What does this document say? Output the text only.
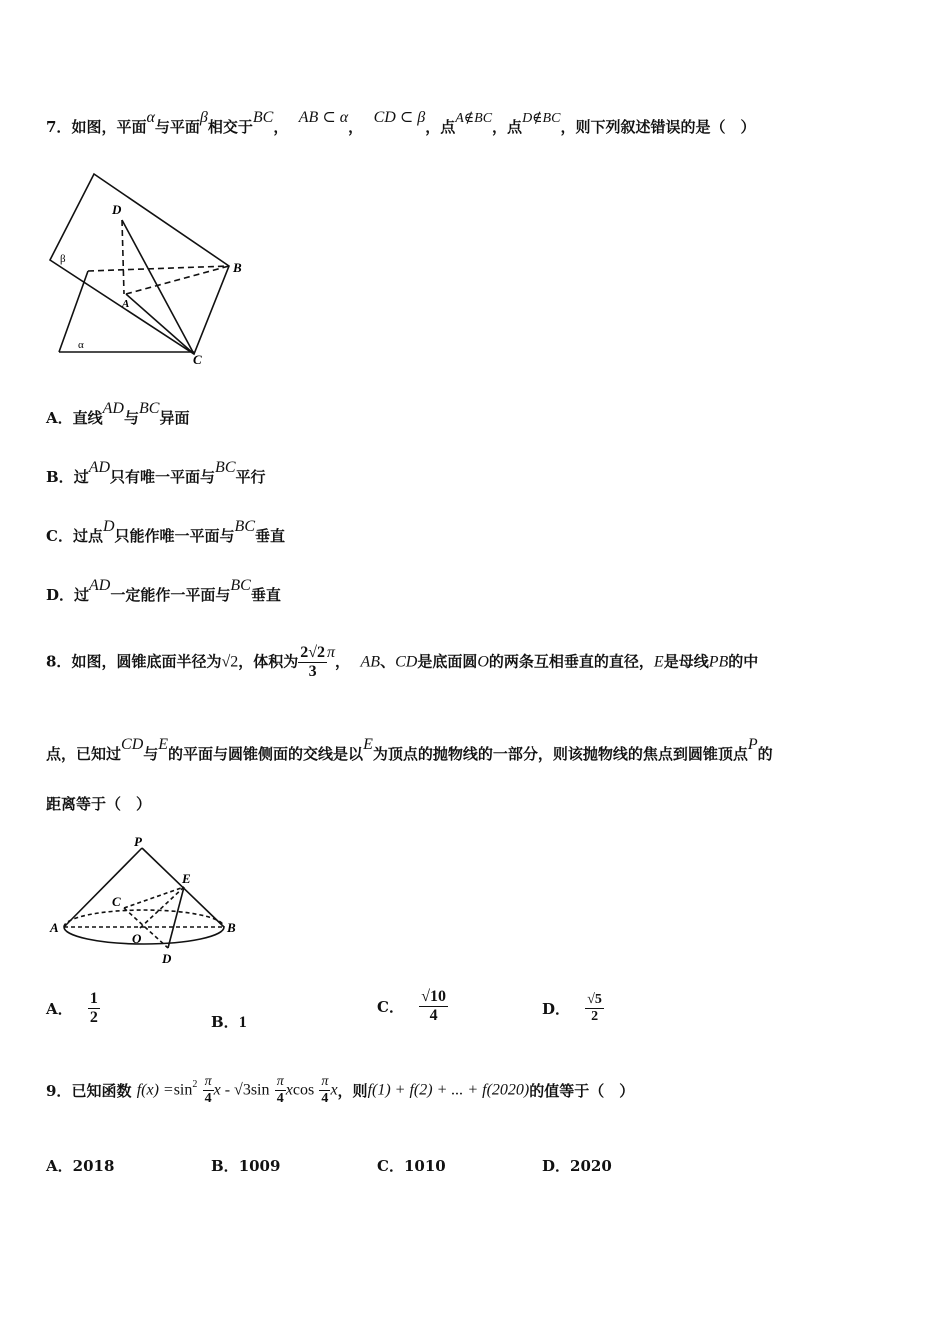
7．如图，平面α与平面β相交于BC，  AB ⊂ α，  CD ⊂ β，点A∉BC，点D∉BC，则下列叙述错误的是（　）
D
B
A
C
β
α
A．直线AD与BC异面
B．过AD只有唯一平面与BC平行
C．过点D只能作唯一平面与BC垂直
D．过AD一定能作一平面与BC垂直
8．如图，圆锥底面半径为√2，体积为 $\frac{2√2}{3}$ π， AB、CD是底面圆O的两条互相垂直的直径，E是母线PB的中
点，已知过CD与E的平面与圆锥侧面的交线是以E为顶点的抛物线的一部分，则该抛物线的焦点到圆锥顶点P的
距离等于（　）
P
E
C
A
O
B
D
A． $\frac{1}{2}$	B．1
C． $\frac{√10}{4}$	D． $\frac{√5}{2}$
9．已知函数 $f(x) =\sin^2 \frac{\pi}{4}$ x - $√3\sin \frac{\pi}{4}$ xcos $\frac{\pi}{4}$ x，则f(1) + f(2) + ... + f(2020)的值等于（　）
A．2018	B．1009	C．1010	D．2020
